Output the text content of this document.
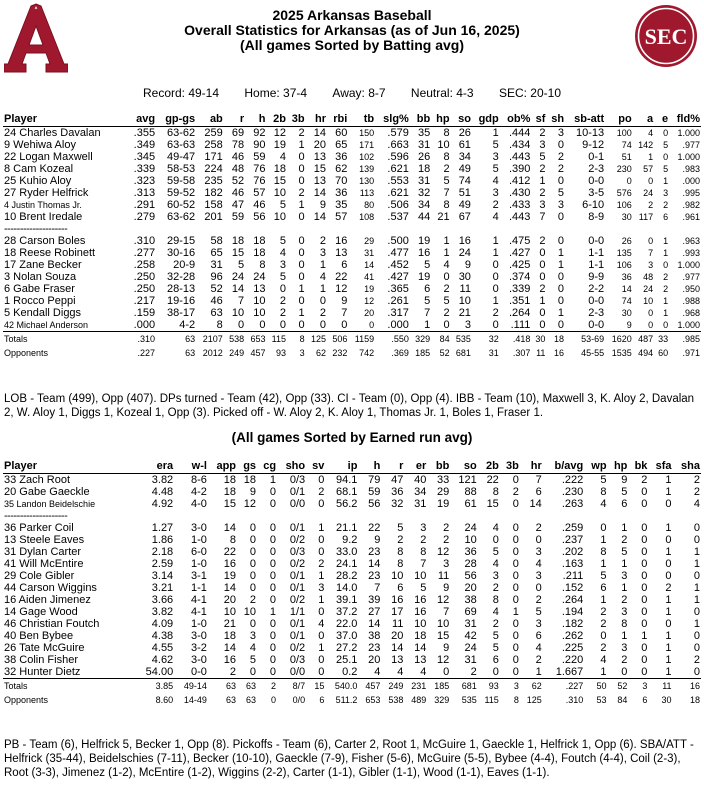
SEC
2025 Arkansas Baseball
Overall Statistics for Arkansas (as of Jun 16, 2025)
(All games Sorted by Batting avg)
Record: 49-14 Home: 37-4 Away: 8-7 Neutral: 4-3 SEC: 20-10
Player	avg	gp-gs	ab	r	h	2b	3b	hr	rbi	tb	slg%	bb	hp	so	gdp	ob%	sf	sh	sb-att	po	a	e	fld%
24 Charles Davalan	.355	63-62	259	69	92	12	2	14	60	150	.579	35	8	26	1	.444	2	3	10-13	100	4	0	1.000
9 Wehiwa Aloy	.349	63-63	258	78	90	19	1	20	65	171	.663	31	10	61	5	.434	3	0	9-12	74	142	5	.977
22 Logan Maxwell	.345	49-47	171	46	59	4	0	13	36	102	.596	26	8	34	3	.443	5	2	0-1	51	1	0	1.000
8 Cam Kozeal	.339	58-53	224	48	76	18	0	15	62	139	.621	18	2	49	5	.390	2	2	2-3	230	57	5	.983
25 Kuhio Aloy	.323	59-58	235	52	76	15	0	13	70	130	.553	31	5	74	4	.412	1	0	0-0	0	0	1	.000
27 Ryder Helfrick	.313	59-52	182	46	57	10	2	14	36	113	.621	32	7	51	3	.430	2	5	3-5	576	24	3	.995
4 Justin Thomas Jr.	.291	60-52	158	47	46	5	1	9	35	80	.506	34	8	49	2	.433	3	3	6-10	106	2	2	.982
10 Brent Iredale	.279	63-62	201	59	56	10	0	14	57	108	.537	44	21	67	4	.443	7	0	8-9	30	117	6	.961
--------------------																							
28 Carson Boles	.310	29-15	58	18	18	5	0	2	16	29	.500	19	1	16	1	.475	2	0	0-0	26	0	1	.963
18 Reese Robinett	.277	30-16	65	15	18	4	0	3	13	31	.477	16	1	24	1	.427	0	1	1-1	135	7	1	.993
17 Zane Becker	.258	20-9	31	5	8	3	0	1	6	14	.452	5	4	9	0	.425	0	1	1-1	106	3	0	1.000
3 Nolan Souza	.250	32-28	96	24	24	5	0	4	22	41	.427	19	0	30	0	.374	0	0	9-9	36	48	2	.977
6 Gabe Fraser	.250	28-13	52	14	13	0	1	1	12	19	.365	6	2	11	0	.339	2	0	2-2	14	24	2	.950
1 Rocco Peppi	.217	19-16	46	7	10	2	0	0	9	12	.261	5	5	10	1	.351	1	0	0-0	74	10	1	.988
5 Kendall Diggs	.159	38-17	63	10	10	2	1	2	7	20	.317	7	2	21	2	.264	0	1	2-3	30	0	1	.968
42 Michael Anderson	.000	4-2	8	0	0	0	0	0	0	0	.000	1	0	3	0	.111	0	0	0-0	9	0	0	1.000
Totals	.310	63	2107	538	653	115	8	125	506	1159	.550	329	84	535	32	.418	30	18	53-69	1620	487	33	.985
Opponents	.227	63	2012	249	457	93	3	62	232	742	.369	185	52	681	31	.307	11	16	45-55	1535	494	60	.971
LOB - Team (499), Opp (407). DPs turned - Team (42), Opp (33). CI - Team (0), Opp (4). IBB - Team (10), Maxwell 3, K. Aloy 2, Davalan 2, W. Aloy 1, Diggs 1, Kozeal 1, Opp (3). Picked off - W. Aloy 2, K. Aloy 1, Thomas Jr. 1, Boles 1, Fraser 1.
(All games Sorted by Earned run avg)
Player	era	w-l	app	gs	cg	sho	sv	ip	h	r	er	bb	so	2b	3b	hr	b/avg	wp	hp	bk	sfa	sha
33 Zach Root	3.82	8-6	18	18	1	0/3	0	94.1	79	47	40	33	121	22	0	7	.222	5	9	2	1	2
20 Gabe Gaeckle	4.48	4-2	18	9	0	0/1	2	68.1	59	36	34	29	88	8	2	6	.230	8	5	0	1	2
35 Landon Beidelschie	4.92	4-0	15	12	0	0/0	0	56.2	56	32	31	19	61	15	0	14	.263	4	6	0	0	4
--------------------																						
36 Parker Coil	1.27	3-0	14	0	0	0/1	1	21.1	22	5	3	2	24	4	0	2	.259	0	1	0	1	0
13 Steele Eaves	1.86	1-0	8	0	0	0/2	0	9.2	9	2	2	2	10	0	0	0	.237	1	2	0	0	0
31 Dylan Carter	2.18	6-0	22	0	0	0/3	0	33.0	23	8	8	12	36	5	0	3	.202	8	5	0	1	1
41 Will McEntire	2.59	1-0	16	0	0	0/2	2	24.1	14	8	7	3	28	4	0	4	.163	1	1	0	0	1
29 Cole Gibler	3.14	3-1	19	0	0	0/1	1	28.2	23	10	10	11	56	3	0	3	.211	5	3	0	0	0
44 Carson Wiggins	3.21	1-1	14	0	0	0/1	3	14.0	7	6	5	9	20	2	0	0	.152	6	1	0	2	1
16 Aiden Jimenez	3.66	4-1	20	2	0	0/2	1	39.1	39	16	16	12	38	8	0	2	.264	1	2	0	1	1
14 Gage Wood	3.82	4-1	10	10	1	1/1	0	37.2	27	17	16	7	69	4	1	5	.194	2	3	0	1	0
46 Christian Foutch	4.09	1-0	21	0	0	0/1	4	22.0	14	11	10	10	31	2	0	3	.182	2	8	0	0	1
40 Ben Bybee	4.38	3-0	18	3	0	0/1	0	37.0	38	20	18	15	42	5	0	6	.262	0	1	1	1	0
26 Tate McGuire	4.55	3-2	14	4	0	0/2	1	27.2	23	14	14	9	24	5	0	4	.225	2	3	0	1	0
38 Colin Fisher	4.62	3-0	16	5	0	0/3	0	25.1	20	13	13	12	31	6	0	2	.220	4	2	0	1	2
32 Hunter Dietz	54.00	0-0	2	0	0	0/0	0	0.2	4	4	4	0	2	0	0	1	1.667	1	0	0	1	0
Totals	3.85	49-14	63	63	2	8/7	15	540.0	457	249	231	185	681	93	3	62	.227	50	52	3	11	16
Opponents	8.60	14-49	63	63	0	0/0	6	511.2	653	538	489	329	535	115	8	125	.310	53	84	6	30	18
PB - Team (6), Helfrick 5, Becker 1, Opp (8). Pickoffs - Team (6), Carter 2, Root 1, McGuire 1, Gaeckle 1, Helfrick 1, Opp (6). SBA/ATT - Helfrick (35-44), Beidelschies (7-11), Becker (10-10), Gaeckle (7-9), Fisher (5-6), McGuire (5-5), Bybee (4-4), Foutch (4-4), Coil (2-3), Root (3-3), Jimenez (1-2), McEntire (1-2), Wiggins (2-2), Carter (1-1), Gibler (1-1), Wood (1-1), Eaves (1-1).
